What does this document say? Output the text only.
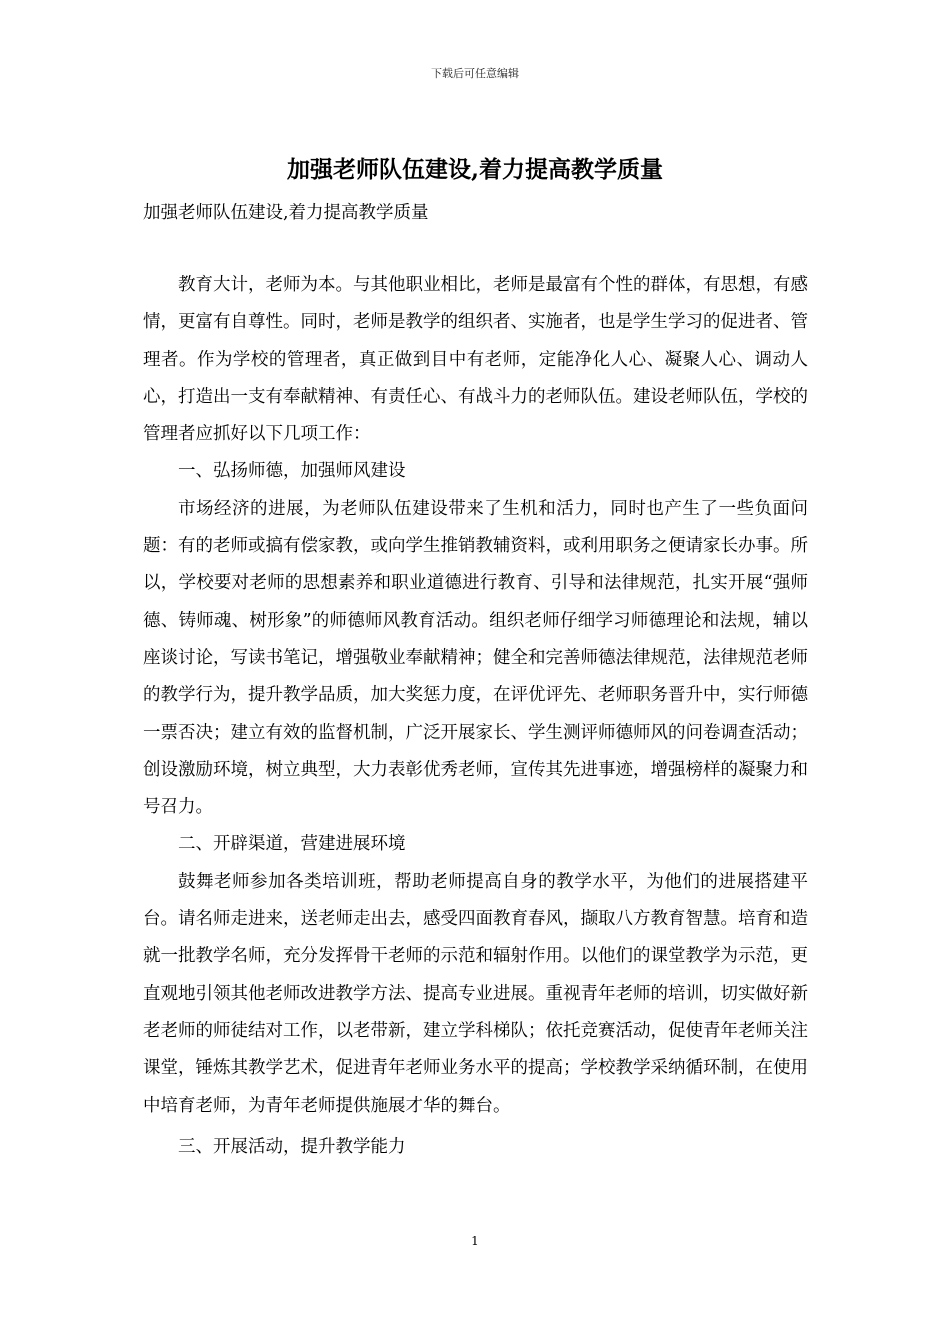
下载后可任意编辑
加强老师队伍建设,着力提高教学质量
加强老师队伍建设,着力提高教学质量

教育大计，老师为本。与其他职业相比，老师是最富有个性的群体，有思想，有感情，更富有自尊性。同时，老师是教学的组织者、实施者，也是学生学习的促进者、管理者。作为学校的管理者，真正做到目中有老师，定能净化人心、凝聚人心、调动人心，打造出一支有奉献精神、有责任心、有战斗力的老师队伍。建设老师队伍，学校的管理者应抓好以下几项工作：

一、弘扬师德，加强师风建设

市场经济的进展，为老师队伍建设带来了生机和活力，同时也产生了一些负面问题：有的老师或搞有偿家教，或向学生推销教辅资料，或利用职务之便请家长办事。所以，学校要对老师的思想素养和职业道德进行教育、引导和法律规范，扎实开展“强师德、铸师魂、树形象”的师德师风教育活动。组织老师仔细学习师德理论和法规，辅以座谈讨论，写读书笔记，增强敬业奉献精神；健全和完善师德法律规范，法律规范老师的教学行为，提升教学品质，加大奖惩力度，在评优评先、老师职务晋升中，实行师德一票否决；建立有效的监督机制，广泛开展家长、学生测评师德师风的问卷调查活动；创设激励环境，树立典型，大力表彰优秀老师，宣传其先进事迹，增强榜样的凝聚力和号召力。

二、开辟渠道，营建进展环境

鼓舞老师参加各类培训班，帮助老师提高自身的教学水平，为他们的进展搭建平台。请名师走进来，送老师走出去，感受四面教育春风，撷取八方教育智慧。培育和造就一批教学名师，充分发挥骨干老师的示范和辐射作用。以他们的课堂教学为示范，更直观地引领其他老师改进教学方法、提高专业进展。重视青年老师的培训，切实做好新老老师的师徒结对工作，以老带新，建立学科梯队；依托竞赛活动，促使青年老师关注课堂，锤炼其教学艺术，促进青年老师业务水平的提高；学校教学采纳循环制，在使用中培育老师，为青年老师提供施展才华的舞台。

三、开展活动，提升教学能力

1
